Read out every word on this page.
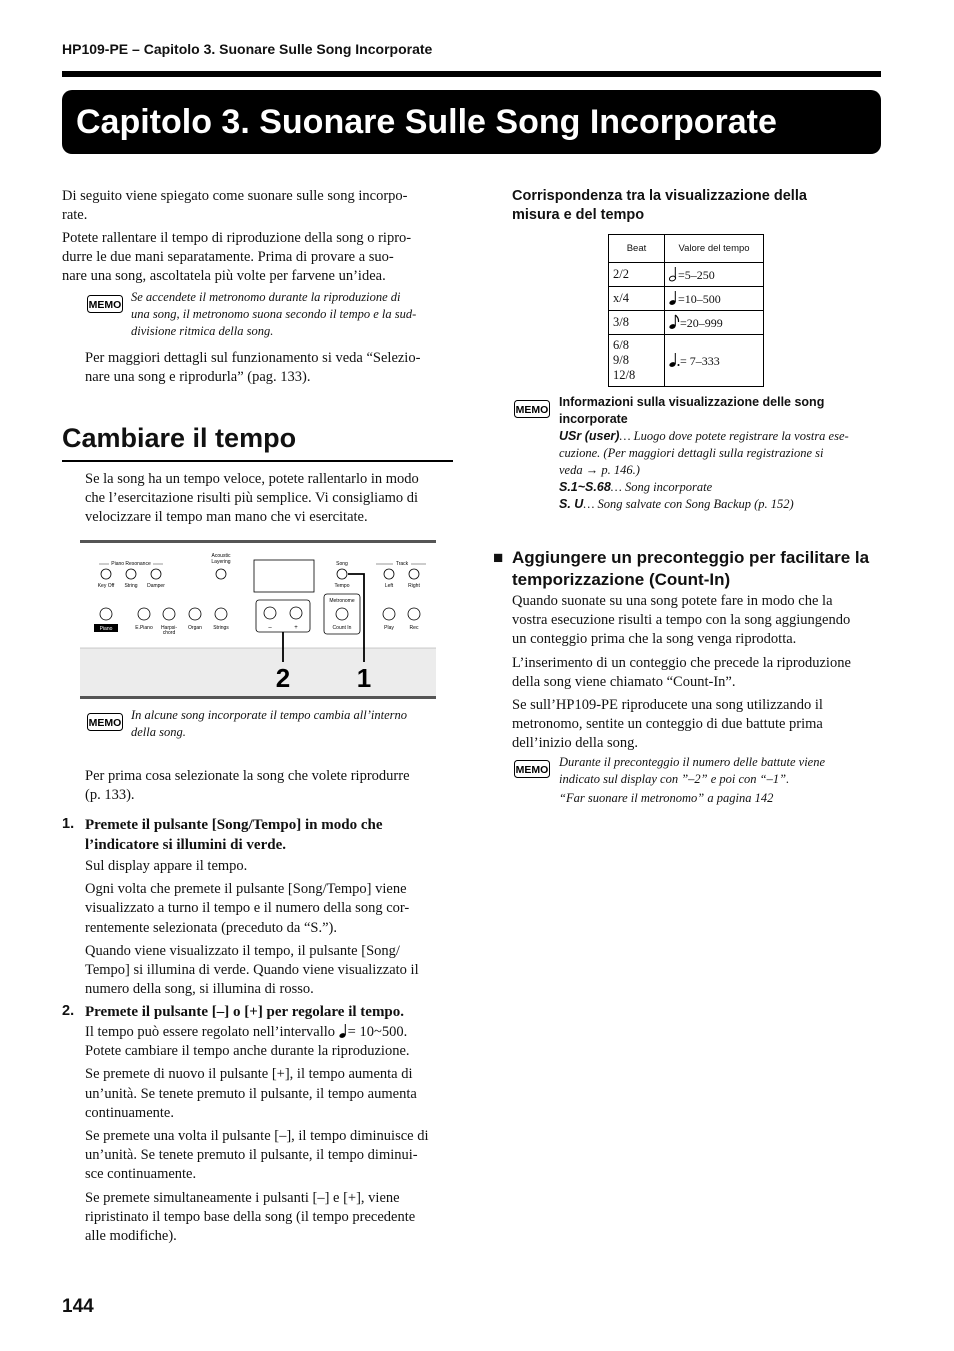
HP109-PE – Capitolo 3. Suonare Sulle Song Incorporate
Capitolo 3. Suonare Sulle Song Incorporate

Di seguito viene spiegato come suonare sulle song incorpo-

rate.

Potete rallentare il tempo di riproduzione della song o ripro-

durre le due mani separatamente. Prima di provare a suo-

nare una song, ascoltatela più volte per farvene un’idea.

Se accendete il metronomo durante la riproduzione di
una song, il metronomo suona secondo il tempo e la sud-
divisione ritmica della song.

Per maggiori dettagli sul funzionamento si veda “Selezio-

nare una song e riprodurla” (pag. 133).

Cambiare il tempo

Se la song ha un tempo veloce, potete rallentarlo in modo

che l’esercitazione risulti più semplice. Vi consigliamo di

velocizzare il tempo man mano che vi esercitate.

Piano Resonance
Acoustic
Layering	Song	Track
Key Off String Damper	Tempo	Left	Right
–	+
Metronome
Count In
Piano	E.Piano Harpsi-
chord
Organ Strings	Play	Rec
1
2
In alcune song incorporate il tempo cambia all’interno
della song.

Per prima cosa selezionate la song che volete riprodurre

(p. 133).

1. Premete il pulsante [Song/Tempo] in modo che
l’indicatore si illumini di verde.

Sul display appare il tempo.

Ogni volta che premete il pulsante [Song/Tempo] viene

visualizzato a turno il tempo e il numero della song cor-

rentemente selezionata (preceduto da “S.”).

Quando viene visualizzato il tempo, il pulsante [Song/

Tempo] si illumina di verde. Quando viene visualizzato il

numero della song, si illumina di rosso.

2. Premete il pulsante [–] o [+] per regolare il tempo.

Il tempo può essere regolato nell’intervallo = 10~500.

Potete cambiare il tempo anche durante la riproduzione.

Se premete di nuovo il pulsante [+], il tempo aumenta di

un’unità. Se tenete premuto il pulsante, il tempo aumenta

continuamente.

Se premete una volta il pulsante [–], il tempo diminuisce di

un’unità. Se tenete premuto il pulsante, il tempo diminui-

sce continuamente.

Se premete simultaneamente i pulsanti [–] e [+], viene

ripristinato il tempo base della song (il tempo precedente

alle modifiche).

Corrispondenza tra la visualizzazione della
misura e del tempo
Beat	Valore del tempo
2/2	=5–250
x/4	=10–500
3/8	=20–999

6/8
9/8
12/8	= 7–333
Informazioni sulla visualizzazione delle song
incorporate
USr (user)… Luogo dove potete registrare la vostra ese-
cuzione. (Per maggiori dettagli sulla registrazione si
veda → p. 146.)
S.1~S.68… Song incorporate
S. U… Song salvate con Song Backup (p. 152)
■ Aggiungere un preconteggio per facilitare la
temporizzazione (Count-In)

Quando suonate su una song potete fare in modo che la

vostra esecuzione risulti a tempo con la song aggiungendo

un conteggio prima che la song venga riprodotta.

L’inserimento di un conteggio che precede la riproduzione

della song viene chiamato “Count-In”.

Se sull’HP109-PE riproducete una song utilizzando il

metronomo, sentite un conteggio di due battute prima

dell’inizio della song.

Durante il preconteggio il numero delle battute viene
indicato sul display con ”–2” e poi con “–1”.
“Far suonare il metronomo” a pagina 142
144
